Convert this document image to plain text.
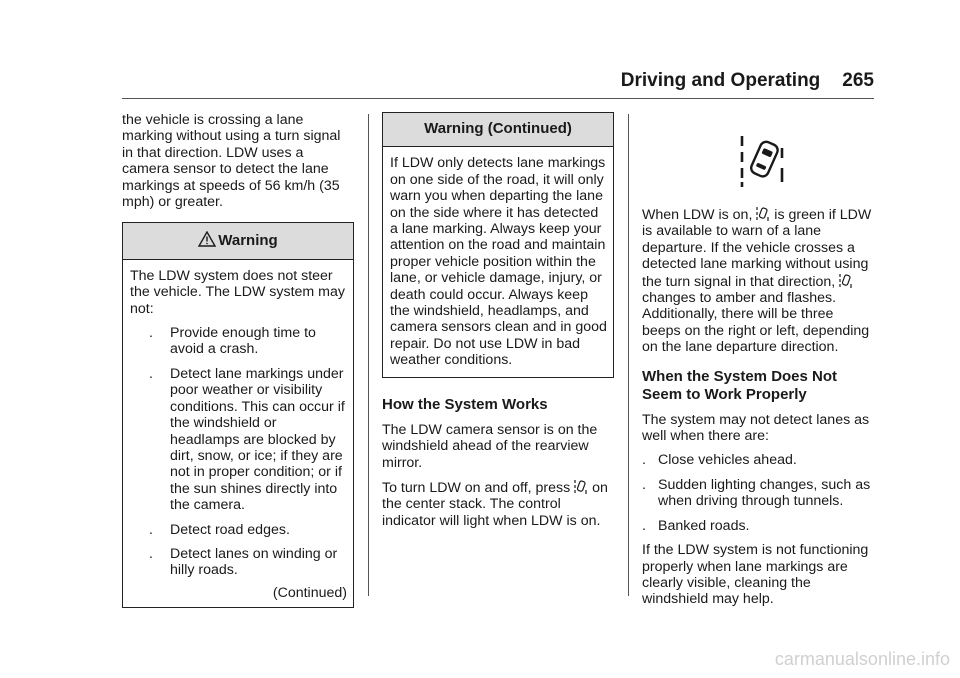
Driving and Operating 265

the vehicle is crossing a lane marking without using a turn signal in that direction. LDW uses a camera sensor to detect the lane markings at speeds of 56 km/h (35 mph) or greater.

Warning

The LDW system does not steer the vehicle. The LDW system may not:

. Provide enough time to avoid a crash.
. Detect lane markings under poor weather or visibility conditions. This can occur if the windshield or headlamps are blocked by dirt, snow, or ice; if they are not in proper condition; or if the sun shines directly into the camera.
. Detect road edges.
. Detect lanes on winding or hilly roads.
(Continued)
Warning (Continued)

If LDW only detects lane markings on one side of the road, it will only warn you when departing the lane on the side where it has detected a lane marking. Always keep your attention on the road and maintain proper vehicle position within the lane, or vehicle damage, injury, or death could occur. Always keep the windshield, headlamps, and camera sensors clean and in good repair. Do not use LDW in bad weather conditions.

How the System Works

The LDW camera sensor is on the windshield ahead of the rearview mirror.

To turn LDW on and off, press on the center stack. The control indicator will light when LDW is on.

When LDW is on, is green if LDW is available to warn of a lane departure. If the vehicle crosses a detected lane marking without using the turn signal in that direction,  changes to amber and flashes. Additionally, there will be three beeps on the right or left, depending on the lane departure direction.

When the System Does Not Seem to Work Properly

The system may not detect lanes as well when there are:

. Close vehicles ahead.
. Sudden lighting changes, such as when driving through tunnels.
. Banked roads.

If the LDW system is not functioning properly when lane markings are clearly visible, cleaning the windshield may help.

carmanualsonline.info
